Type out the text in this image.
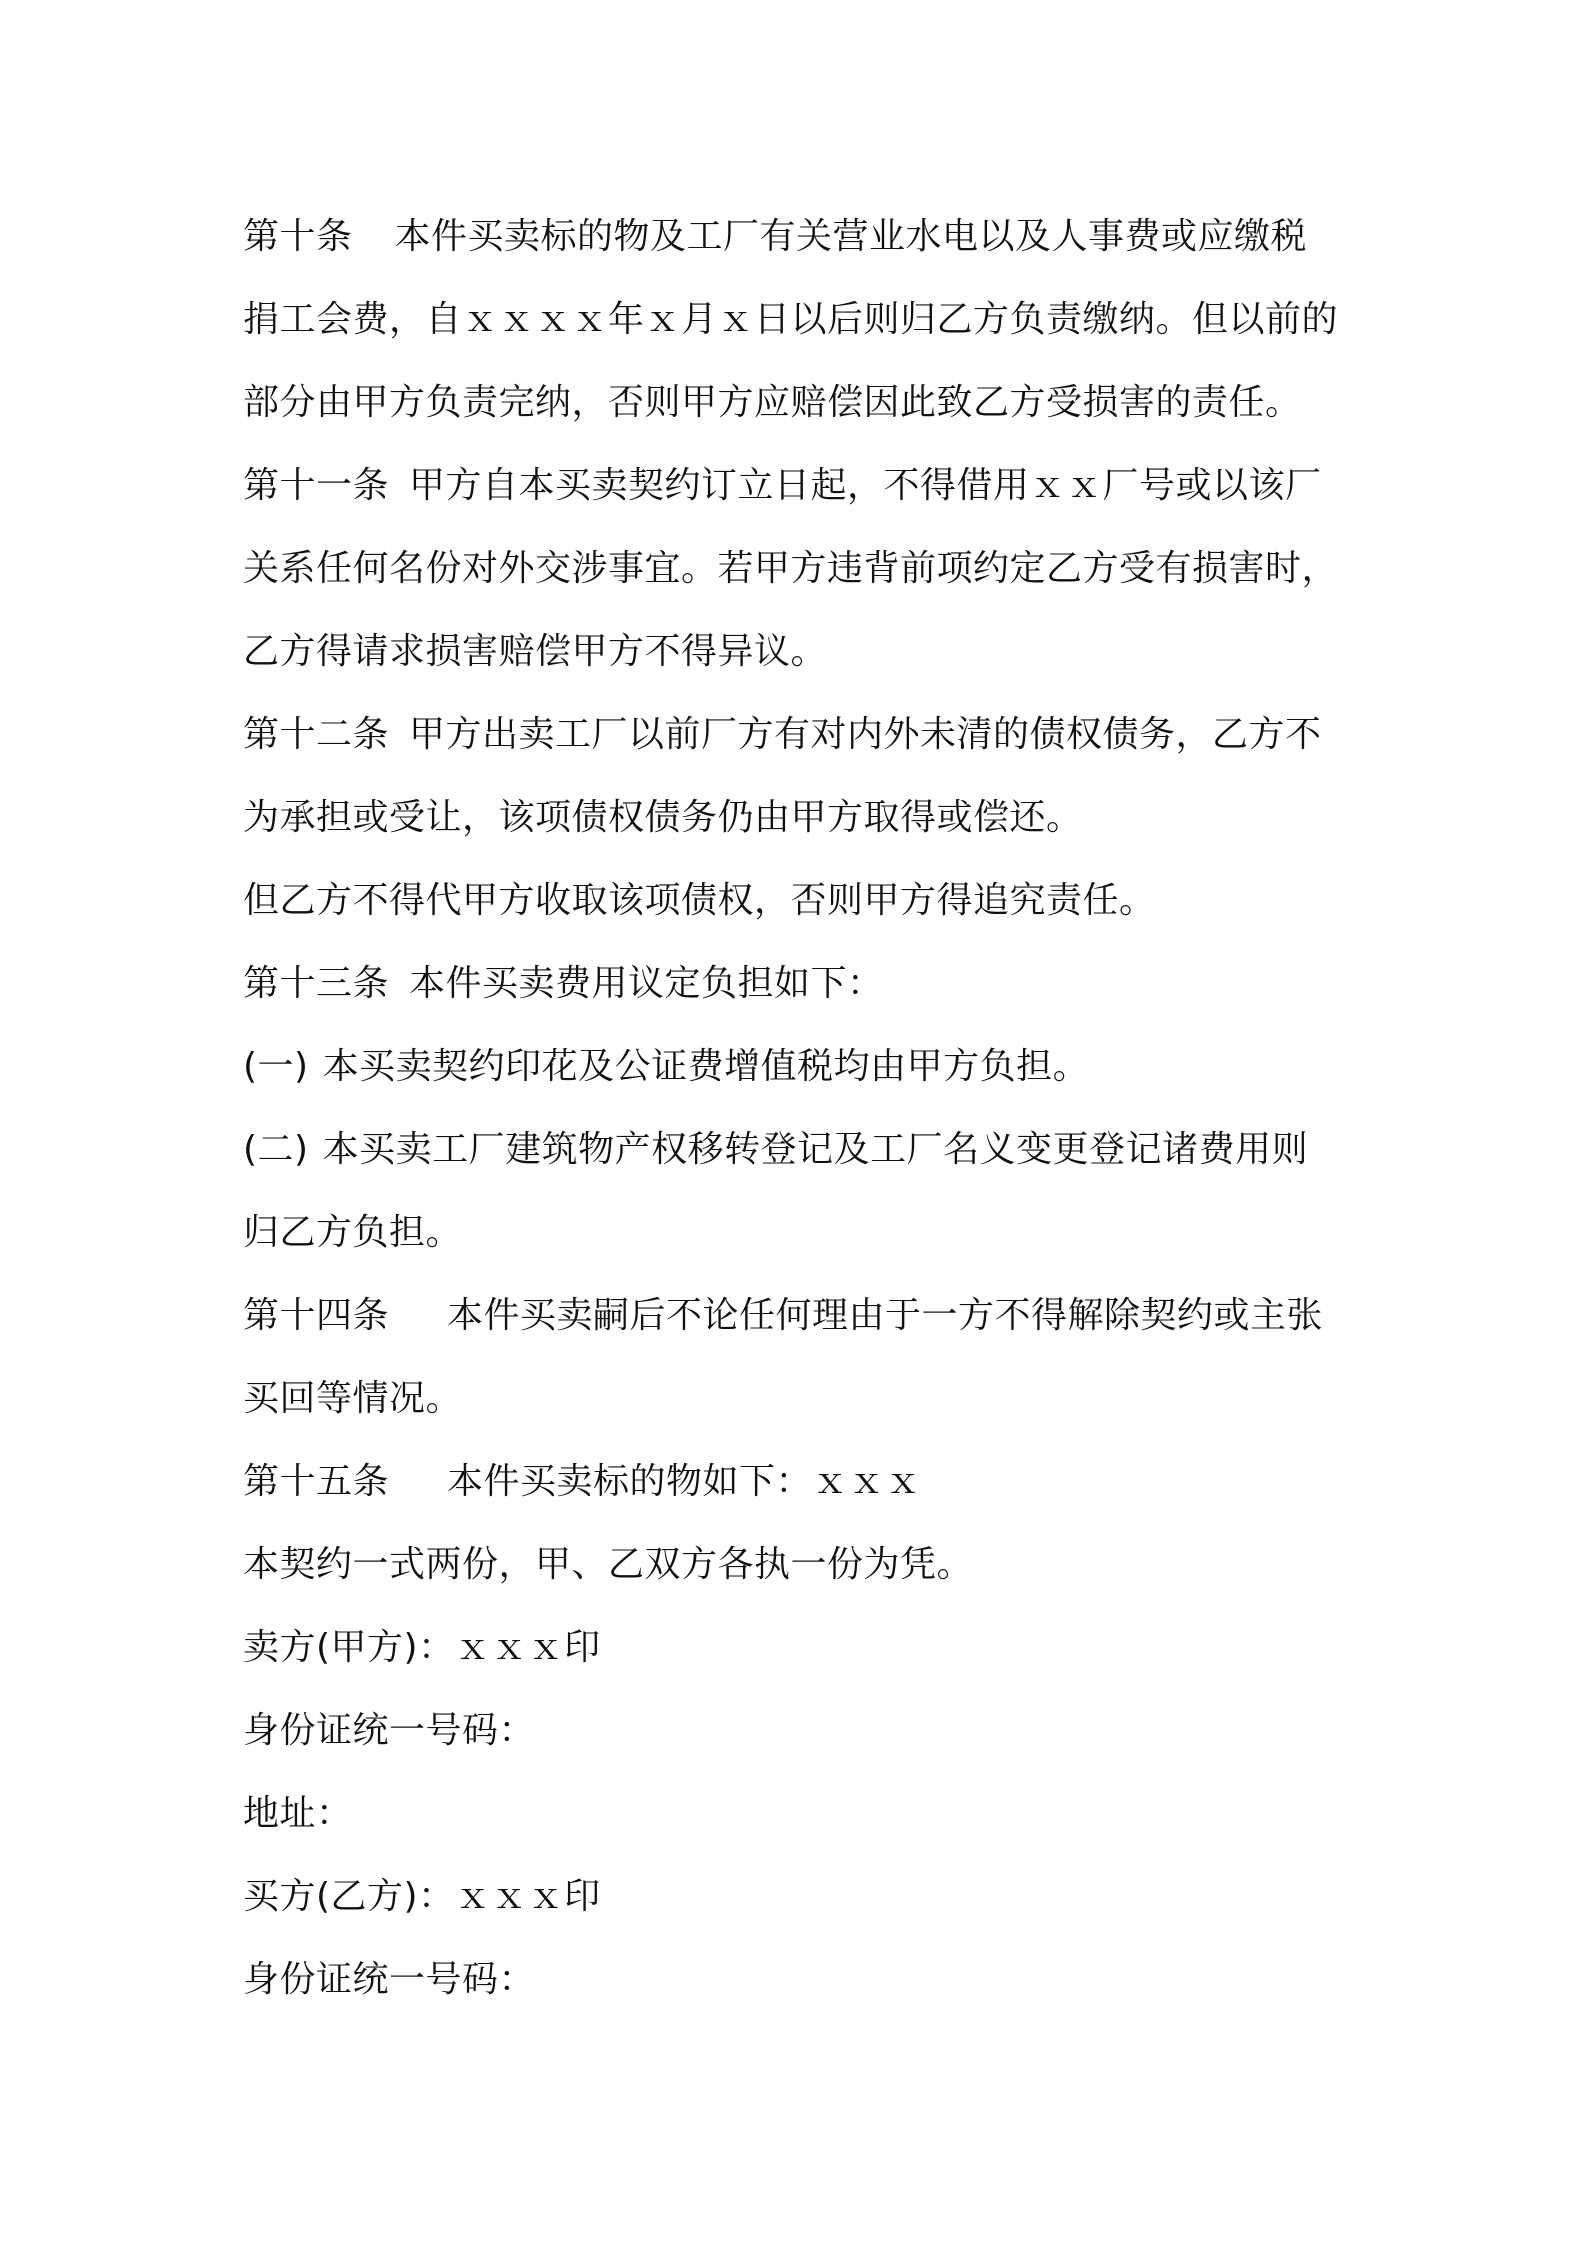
第十条 本件买卖标的物及工厂有关营业水电以及人事费或应缴税
捐工会费，自ｘｘｘｘ年ｘ月ｘ日以后则归乙方负责缴纳。但以前的
部分由甲方负责完纳，否则甲方应赔偿因此致乙方受损害的责任。
第十一条 甲方自本买卖契约订立日起，不得借用ｘｘ厂号或以该厂
关系任何名份对外交涉事宜。若甲方违背前项约定乙方受有损害时，
乙方得请求损害赔偿甲方不得异议。
第十二条 甲方出卖工厂以前厂方有对内外未清的债权债务，乙方不
为承担或受让，该项债权债务仍由甲方取得或偿还。
但乙方不得代甲方收取该项债权，否则甲方得追究责任。
第十三条 本件买卖费用议定负担如下：
(一) 本买卖契约印花及公证费增值税均由甲方负担。
(二) 本买卖工厂建筑物产权移转登记及工厂名义变更登记诸费用则
归乙方负担。
第十四条 本件买卖嗣后不论任何理由于一方不得解除契约或主张
买回等情况。
第十五条 本件买卖标的物如下：ｘｘｘ
本契约一式两份，甲、乙双方各执一份为凭。
卖方(甲方)：ｘｘｘ印
身份证统一号码：
地址：
买方(乙方)：ｘｘｘ印
身份证统一号码：
